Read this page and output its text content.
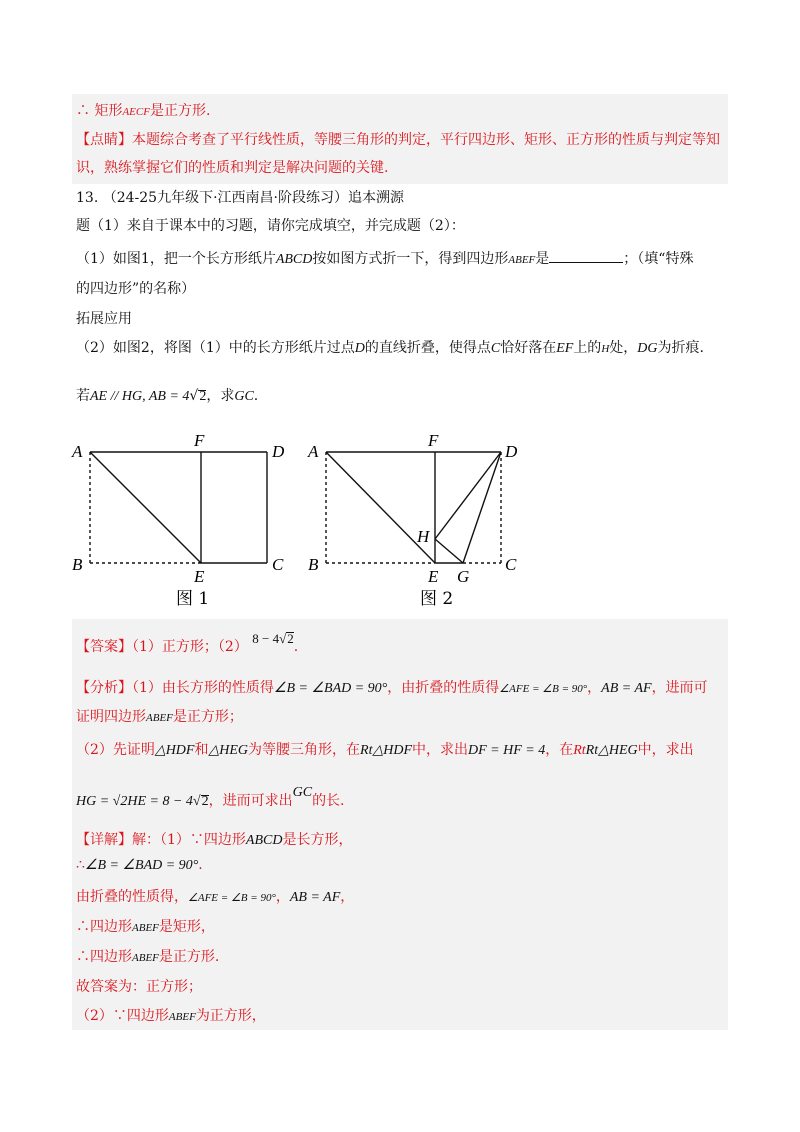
∴ 矩形AECF是正方形.
【点睛】本题综合考查了平行线性质，等腰三角形的判定，平行四边形、矩形、正方形的性质与判定等知
识，熟练掌握它们的性质和判定是解决问题的关键.
13. （24-25九年级下·江西南昌·阶段练习）追本溯源
题（1）来自于课本中的习题，请你完成填空，并完成题（2）：
（1）如图1，把一个长方形纸片ABCD按如图方式折一下，得到四边形ABEF是	；（填“特殊
的四边形”的名称）
拓展应用
（2）如图2，将图（1）中的长方形纸片过点D的直线折叠，使得点C恰好落在EF上的H处，DG为折痕.
若AE // HG, AB = 4√2，求GC.
A
F
D
B
E
C
图 1
A
F
D
H
B
E G
C
图 2
【答案】（1）正方形；（2） 8 − 4√2.
【分析】（1）由长方形的性质得∠B = ∠BAD = 90°，由折叠的性质得∠AFE = ∠B = 90°，AB = AF，进而可
证明四边形ABEF是正方形；
（2）先证明△HDF和△HEG为等腰三角形，在Rt△HDF中，求出DF = HF = 4，在RtRt△HEG中，求出
HG = √2HE = 8 − 4√2，进而可求出GC的长.
【详解】解：（1）∵四边形ABCD是长方形，
∴∠B = ∠BAD = 90°.
由折叠的性质得，∠AFE = ∠B = 90°，AB = AF，
∴四边形ABEF是矩形，
∴四边形ABEF是正方形.
故答案为：正方形；
（2）∵四边形ABEF为正方形，
